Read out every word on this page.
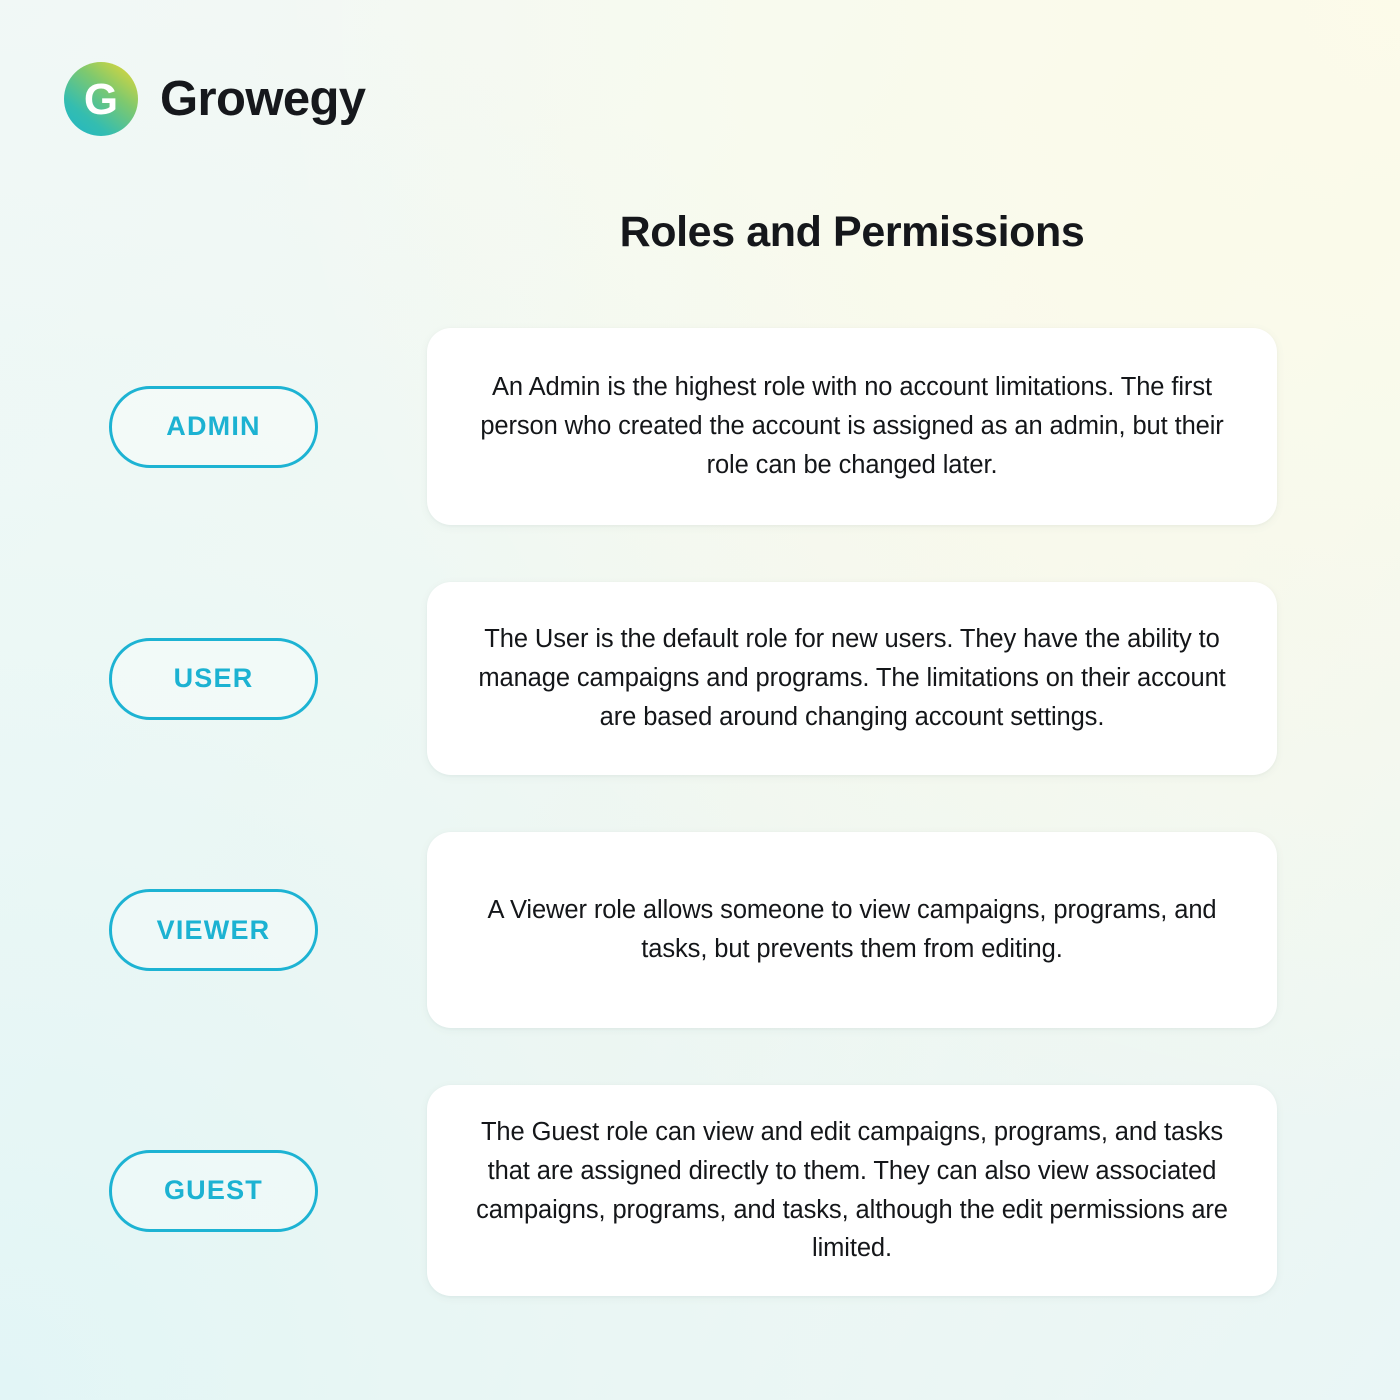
G Growegy
Roles and Permissions
ADMIN

An Admin is the highest role with no account limitations. The first person who created the account is assigned as an admin, but their role can be changed later.

USER

The User is the default role for new users. They have the ability to manage campaigns and programs. The limitations on their account are based around changing account settings.

VIEWER

A Viewer role allows someone to view campaigns, programs, and tasks, but prevents them from editing.

GUEST

The Guest role can view and edit campaigns, programs, and tasks that are assigned directly to them. They can also view associated campaigns, programs, and tasks, although the edit permissions are limited.
